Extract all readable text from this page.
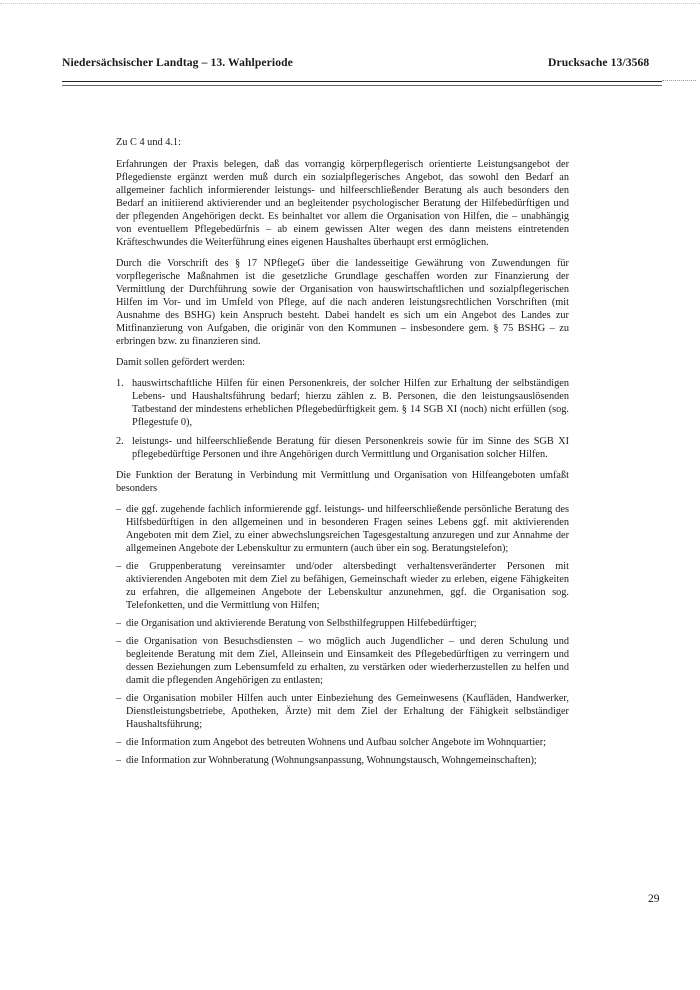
Niedersächsischer Landtag – 13. Wahlperiode	Drucksache 13/3568

Zu C 4 und 4.1:

Erfahrungen der Praxis belegen, daß das vorrangig körperpflegerisch orientierte Leistungsangebot der Pflegedienste ergänzt werden muß durch ein sozialpflegerisches Angebot, das sowohl den Bedarf an allgemeiner fachlich informierender leistungs- und hilfeerschließender Beratung als auch besonders den Bedarf an initiierend aktivierender und an begleitender psychologischer Beratung der Hilfebedürftigen und der pflegenden Angehörigen deckt. Es beinhaltet vor allem die Organisation von Hilfen, die – unabhängig von eventuellem Pflegebedürfnis – ab einem gewissen Alter wegen des dann meistens eintretenden Kräfteschwundes die Weiterführung eines eigenen Haushaltes überhaupt erst ermöglichen.

Durch die Vorschrift des § 17 NPflegeG über die landesseitige Gewährung von Zuwendungen für vorpflegerische Maßnahmen ist die gesetzliche Grundlage geschaffen worden zur Finanzierung der Vermittlung der Durchführung sowie der Organisation von hauswirtschaftlichen und sozialpflegerischen Hilfen im Vor- und im Umfeld von Pflege, auf die nach anderen leistungsrechtlichen Vorschriften (mit Ausnahme des BSHG) kein Anspruch besteht. Dabei handelt es sich um ein Angebot des Landes zur Mitfinanzierung von Aufgaben, die originär von den Kommunen – insbesondere gem. § 75 BSHG – zu erbringen bzw. zu finanzieren sind.

Damit sollen gefördert werden:

1. hauswirtschaftliche Hilfen für einen Personenkreis, der solcher Hilfen zur Erhaltung der selbständigen Lebens- und Haushaltsführung bedarf; hierzu zählen z. B. Personen, die den leistungsauslösenden Tatbestand der mindestens erheblichen Pflegebedürftigkeit gem. § 14 SGB XI (noch) nicht erfüllen (sog. Pflegestufe 0),
2. leistungs- und hilfeerschließende Beratung für diesen Personenkreis sowie für im Sinne des SGB XI pflegebedürftige Personen und ihre Angehörigen durch Vermittlung und Organisation solcher Hilfen.

Die Funktion der Beratung in Verbindung mit Vermittlung und Organisation von Hilfeangeboten umfaßt besonders

– die ggf. zugehende fachlich informierende ggf. leistungs- und hilfeerschließende persönliche Beratung des Hilfsbedürftigen in den allgemeinen und in besonderen Fragen seines Lebens ggf. mit aktivierenden Angeboten mit dem Ziel, zu einer abwechslungsreichen Tagesgestaltung anzuregen und zur Annahme der allgemeinen Angebote der Lebenskultur zu ermuntern (auch über ein sog. Beratungstelefon);
– die Gruppenberatung vereinsamter und/oder altersbedingt verhaltensveränderter Personen mit aktivierenden Angeboten mit dem Ziel zu befähigen, Gemeinschaft wieder zu erleben, eigene Fähigkeiten zu erfahren, die allgemeinen Angebote der Lebenskultur anzunehmen, ggf. die Organisation sog. Telefonketten, und die Vermittlung von Hilfen;
– die Organisation und aktivierende Beratung von Selbsthilfegruppen Hilfebedürftiger;
– die Organisation von Besuchsdiensten – wo möglich auch Jugendlicher – und deren Schulung und begleitende Beratung mit dem Ziel, Alleinsein und Einsamkeit des Pflegebedürftigen zu verringern und dessen Beziehungen zum Lebensumfeld zu erhalten, zu verstärken oder wiederherzustellen zu helfen und damit die pflegenden Angehörigen zu entlasten;
– die Organisation mobiler Hilfen auch unter Einbeziehung des Gemeinwesens (Kaufläden, Handwerker, Dienstleistungsbetriebe, Apotheken, Ärzte) mit dem Ziel der Erhaltung der Fähigkeit selbständiger Haushaltsführung;
– die Information zum Angebot des betreuten Wohnens und Aufbau solcher Angebote im Wohnquartier;
– die Information zur Wohnberatung (Wohnungsanpassung, Wohnungstausch, Wohngemeinschaften);
29
